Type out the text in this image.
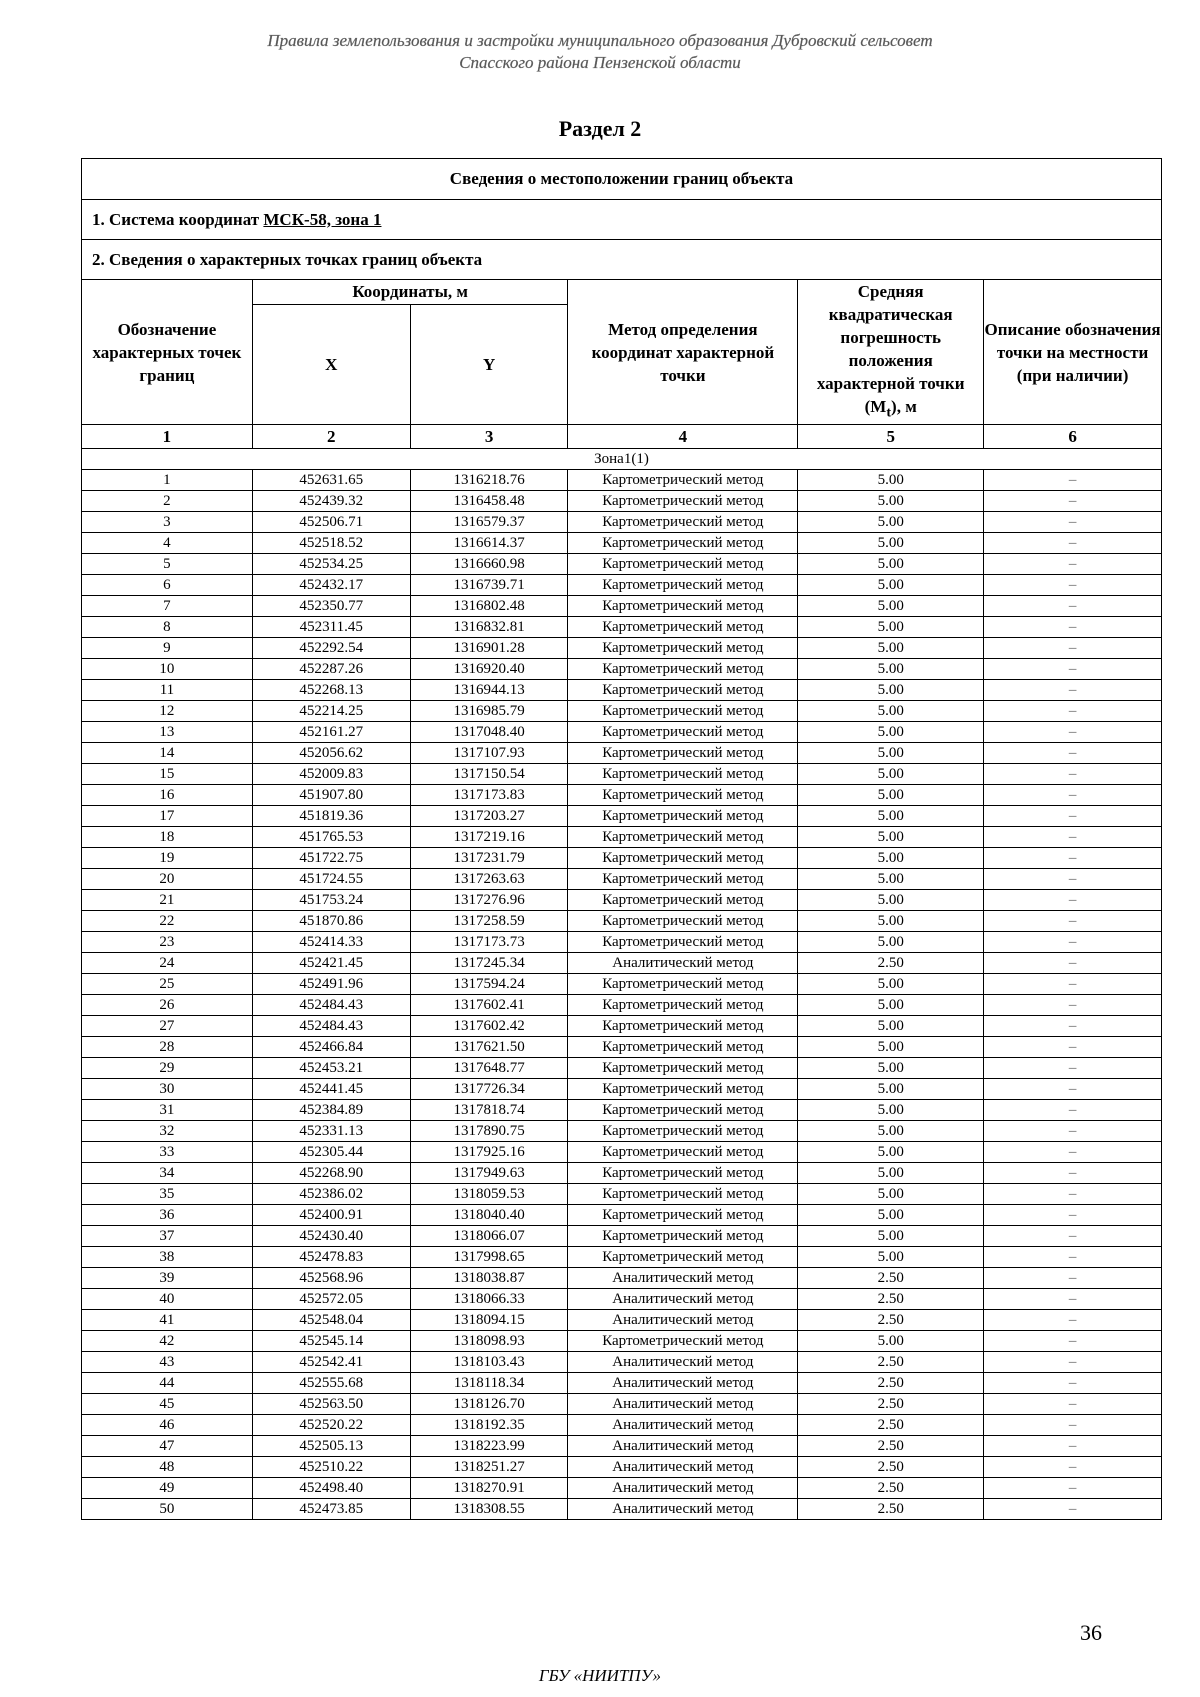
Правила землепользования и застройки муниципального образования Дубровский сельсовет
Спасского района Пензенской области
Раздел 2
Сведения о местоположении границ объекта					
1. Система координат МСК-58, зона 1					
2. Сведения о характерных точках границ объекта					
Обозначение характерных точек границ	Координаты, м		Метод определения координат характерной точки	Средняя квадратическая погрешность положения характерной точки $(M_t)$, м	Описание обозначения точки на местности (при наличии)
	X	Y			
1	2	3	4	5	6
Зона1(1)					
1	452631.65	1316218.76	Картометрический метод	5.00	–
2	452439.32	1316458.48	Картометрический метод	5.00	–
3	452506.71	1316579.37	Картометрический метод	5.00	–
4	452518.52	1316614.37	Картометрический метод	5.00	–
5	452534.25	1316660.98	Картометрический метод	5.00	–
6	452432.17	1316739.71	Картометрический метод	5.00	–
7	452350.77	1316802.48	Картометрический метод	5.00	–
8	452311.45	1316832.81	Картометрический метод	5.00	–
9	452292.54	1316901.28	Картометрический метод	5.00	–
10	452287.26	1316920.40	Картометрический метод	5.00	–
11	452268.13	1316944.13	Картометрический метод	5.00	–
12	452214.25	1316985.79	Картометрический метод	5.00	–
13	452161.27	1317048.40	Картометрический метод	5.00	–
14	452056.62	1317107.93	Картометрический метод	5.00	–
15	452009.83	1317150.54	Картометрический метод	5.00	–
16	451907.80	1317173.83	Картометрический метод	5.00	–
17	451819.36	1317203.27	Картометрический метод	5.00	–
18	451765.53	1317219.16	Картометрический метод	5.00	–
19	451722.75	1317231.79	Картометрический метод	5.00	–
20	451724.55	1317263.63	Картометрический метод	5.00	–
21	451753.24	1317276.96	Картометрический метод	5.00	–
22	451870.86	1317258.59	Картометрический метод	5.00	–
23	452414.33	1317173.73	Картометрический метод	5.00	–
24	452421.45	1317245.34	Аналитический метод	2.50	–
25	452491.96	1317594.24	Картометрический метод	5.00	–
26	452484.43	1317602.41	Картометрический метод	5.00	–
27	452484.43	1317602.42	Картометрический метод	5.00	–
28	452466.84	1317621.50	Картометрический метод	5.00	–
29	452453.21	1317648.77	Картометрический метод	5.00	–
30	452441.45	1317726.34	Картометрический метод	5.00	–
31	452384.89	1317818.74	Картометрический метод	5.00	–
32	452331.13	1317890.75	Картометрический метод	5.00	–
33	452305.44	1317925.16	Картометрический метод	5.00	–
34	452268.90	1317949.63	Картометрический метод	5.00	–
35	452386.02	1318059.53	Картометрический метод	5.00	–
36	452400.91	1318040.40	Картометрический метод	5.00	–
37	452430.40	1318066.07	Картометрический метод	5.00	–
38	452478.83	1317998.65	Картометрический метод	5.00	–
39	452568.96	1318038.87	Аналитический метод	2.50	–
40	452572.05	1318066.33	Аналитический метод	2.50	–
41	452548.04	1318094.15	Аналитический метод	2.50	–
42	452545.14	1318098.93	Картометрический метод	5.00	–
43	452542.41	1318103.43	Аналитический метод	2.50	–
44	452555.68	1318118.34	Аналитический метод	2.50	–
45	452563.50	1318126.70	Аналитический метод	2.50	–
46	452520.22	1318192.35	Аналитический метод	2.50	–
47	452505.13	1318223.99	Аналитический метод	2.50	–
48	452510.22	1318251.27	Аналитический метод	2.50	–
49	452498.40	1318270.91	Аналитический метод	2.50	–
50	452473.85	1318308.55	Аналитический метод	2.50	–
36
ГБУ «НИИТПУ»
